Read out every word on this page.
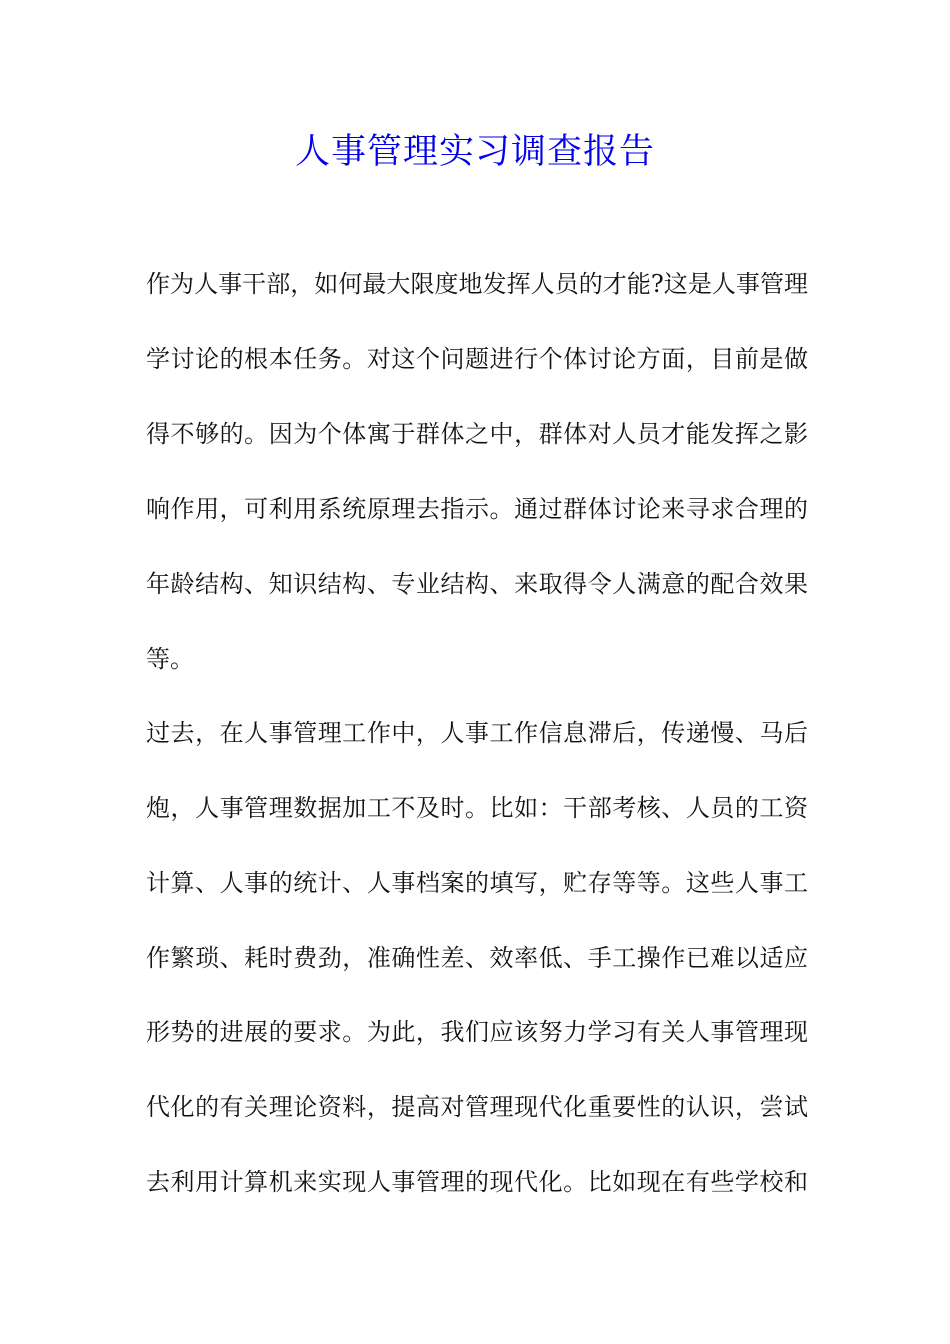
人事管理实习调查报告

作为人事干部，如何最大限度地发挥人员的才能?这是人事管理

学讨论的根本任务。对这个问题进行个体讨论方面，目前是做

得不够的。因为个体寓于群体之中，群体对人员才能发挥之影

响作用，可利用系统原理去指示。通过群体讨论来寻求合理的

年龄结构、知识结构、专业结构、来取得令人满意的配合效果

等。

过去，在人事管理工作中，人事工作信息滞后，传递慢、马后

炮，人事管理数据加工不及时。比如：干部考核、人员的工资

计算、人事的统计、人事档案的填写，贮存等等。这些人事工

作繁琐、耗时费劲，准确性差、效率低、手工操作已难以适应

形势的进展的要求。为此，我们应该努力学习有关人事管理现

代化的有关理论资料，提高对管理现代化重要性的认识，尝试

去利用计算机来实现人事管理的现代化。比如现在有些学校和
